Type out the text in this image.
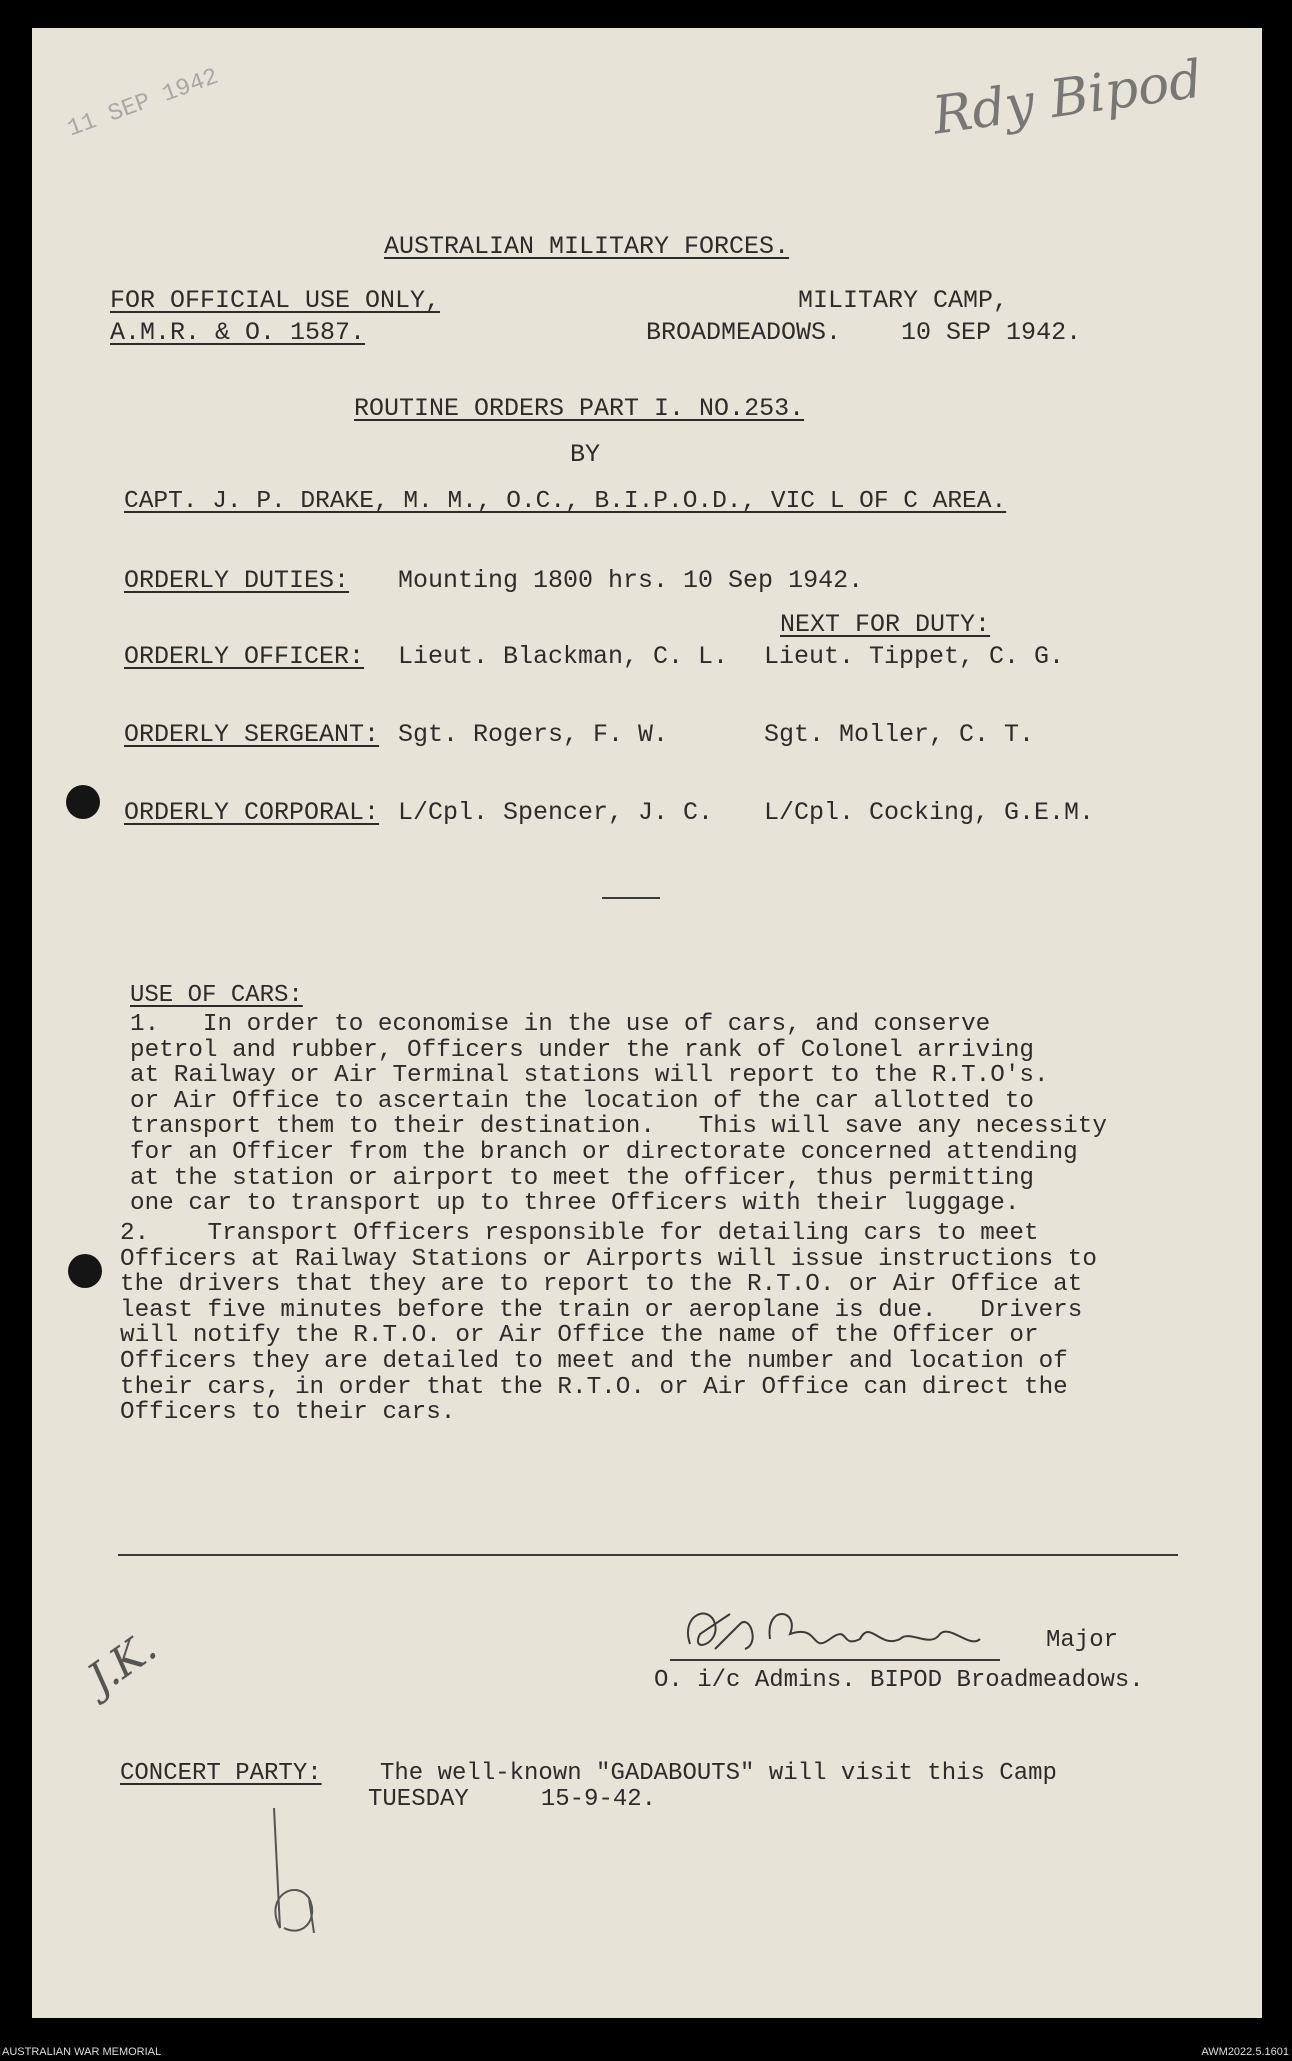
11 SEP 1942	Rdy Bipod
AUSTRALIAN MILITARY FORCES.
FOR OFFICIAL USE ONLY,
A.M.R. & O. 1587.
MILITARY CAMP,
BROADMEADOWS.    10 SEP 1942.
ROUTINE ORDERS PART I. NO.253.
BY
CAPT. J. P. DRAKE, M. M., O.C., B.I.P.O.D., VIC L OF C AREA.
ORDERLY DUTIES: Mounting 1800 hrs. 10 Sep 1942.
NEXT FOR DUTY:
ORDERLY OFFICER: Lieut. Blackman, C. L. Lieut. Tippet, C. G.
ORDERLY SERGEANT: Sgt. Rogers, F. W.	Sgt. Moller, C. T.
ORDERLY CORPORAL: L/Cpl. Spencer, J. C. L/Cpl. Cocking, G.E.M.
USE OF CARS:
1.   In order to economise in the use of cars, and conserve
petrol and rubber, Officers under the rank of Colonel arriving
at Railway or Air Terminal stations will report to the R.T.O's.
or Air Office to ascertain the location of the car allotted to
transport them to their destination.   This will save any necessity
for an Officer from the branch or directorate concerned attending
at the station or airport to meet the officer, thus permitting
one car to transport up to three Officers with their luggage.
2.    Transport Officers responsible for detailing cars to meet
Officers at Railway Stations or Airports will issue instructions to
the drivers that they are to report to the R.T.O. or Air Office at
least five minutes before the train or aeroplane is due.   Drivers
will notify the R.T.O. or Air Office the name of the Officer or
Officers they are detailed to meet and the number and location of
their cars, in order that the R.T.O. or Air Office can direct the
Officers to their cars.
Major
O. i/c Admins. BIPOD Broadmeadows.
J.K.
CONCERT PARTY: The well-known "GADABOUTS" will visit this Camp
TUESDAY     15-9-42.
AUSTRALIAN WAR MEMORIAL	AWM2022.5.1601
